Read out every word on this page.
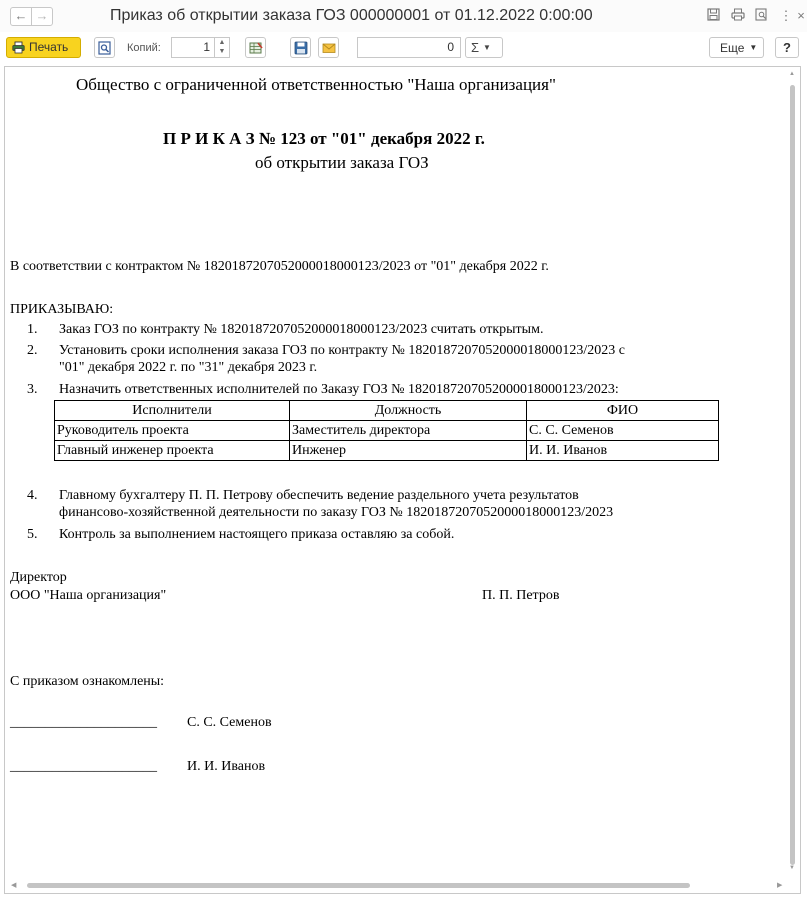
← →	Приказ об открытии заказа ГОЗ 000000001 от 01.12.2022 0:00:00	⋮ ×
Печать	Копий:	1	▲
▼	0	Σ ▼	Еще ▼	?
Общество с ограниченной ответственностью "Наша организация"
П Р И К А З № 123 от "01" декабря 2022 г.
об открытии заказа ГОЗ
В соответствии с контрактом № 1820187207052000018000123/2023 от "01" декабря 2022 г.
ПРИКАЗЫВАЮ:
1. Заказ ГОЗ по контракту № 1820187207052000018000123/2023 считать открытым.
2. Установить сроки исполнения заказа ГОЗ по контракту № 1820187207052000018000123/2023 с
"01" декабря 2022 г. по "31" декабря 2023 г.
3. Назначить ответственных исполнителей по Заказу ГОЗ № 1820187207052000018000123/2023:
Исполнители	Должность	ФИО
Руководитель проекта	Заместитель директора	С. С. Семенов
Главный инженер проекта	Инженер	И. И. Иванов
4. Главному бухгалтеру П. П. Петрову обеспечить ведение раздельного учета результатов
финансово-хозяйственной деятельности по заказу ГОЗ № 1820187207052000018000123/2023
5. Контроль за выполнением настоящего приказа оставляю за собой.
Директор
ООО "Наша организация"	П. П. Петров
С приказом ознакомлены:
_____________________ С. С. Семенов
_____________________ И. И. Иванов
▲
▼
◀	▶
